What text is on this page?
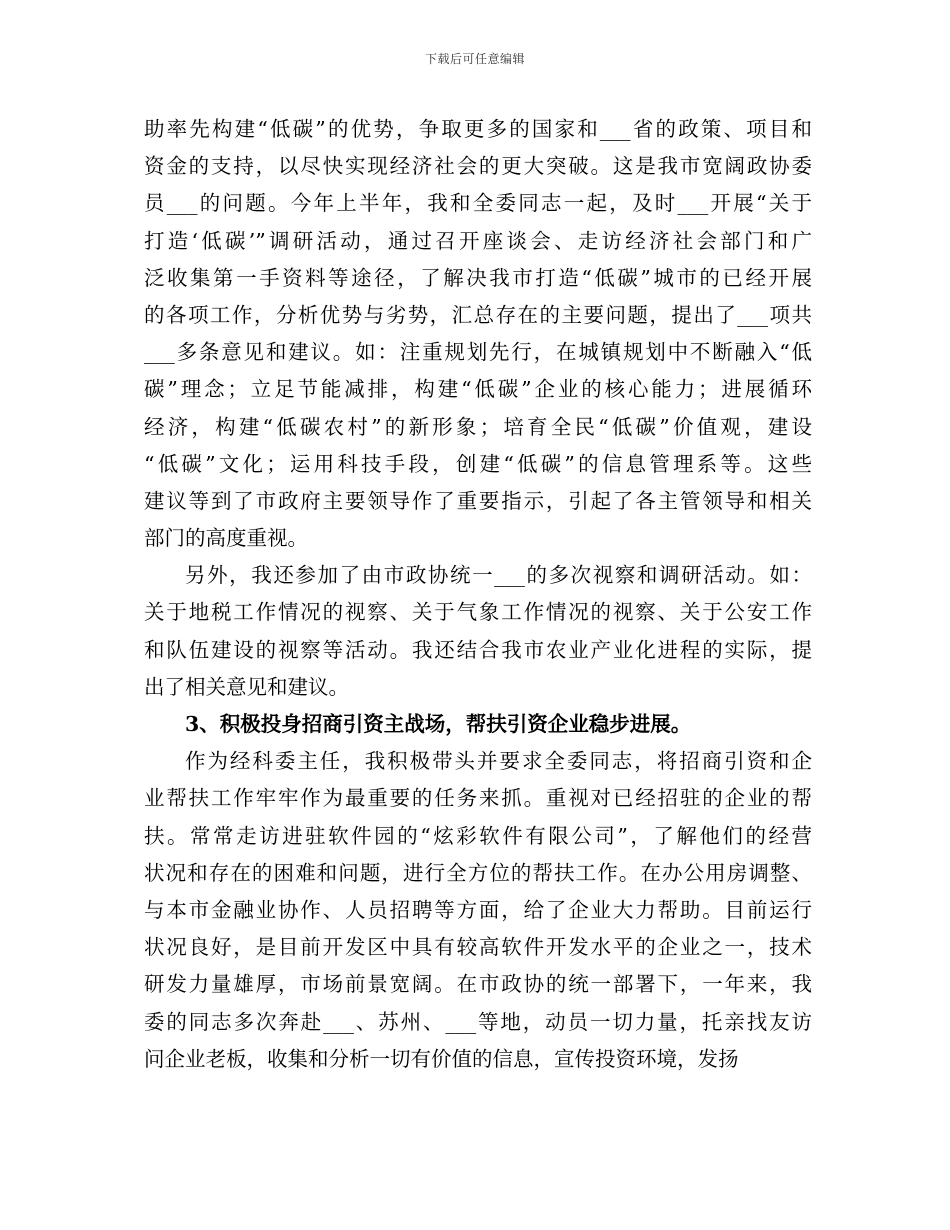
下载后可任意编辑
助率先构建“低碳”的优势，争取更多的国家和___省的政策、项目和
资金的支持，以尽快实现经济社会的更大突破。这是我市宽阔政协委
员___的问题。今年上半年，我和全委同志一起，及时___开展“关于
打造‘低碳’”调研活动，通过召开座谈会、走访经济社会部门和广
泛收集第一手资料等途径，了解决我市打造“低碳”城市的已经开展
的各项工作，分析优势与劣势，汇总存在的主要问题，提出了___项共
___多条意见和建议。如：注重规划先行，在城镇规划中不断融入“低
碳”理念；立足节能减排，构建“低碳”企业的核心能力；进展循环
经济，构建“低碳农村”的新形象；培育全民“低碳”价值观，建设
“低碳”文化；运用科技手段，创建“低碳”的信息管理系等。这些
建议等到了市政府主要领导作了重要指示，引起了各主管领导和相关
部门的高度重视。
另外，我还参加了由市政协统一___的多次视察和调研活动。如：
关于地税工作情况的视察、关于气象工作情况的视察、关于公安工作
和队伍建设的视察等活动。我还结合我市农业产业化进程的实际，提
出了相关意见和建议。
3、积极投身招商引资主战场，帮扶引资企业稳步进展。
作为经科委主任，我积极带头并要求全委同志，将招商引资和企
业帮扶工作牢牢作为最重要的任务来抓。重视对已经招驻的企业的帮
扶。常常走访进驻软件园的“炫彩软件有限公司”，了解他们的经营
状况和存在的困难和问题，进行全方位的帮扶工作。在办公用房调整、
与本市金融业协作、人员招聘等方面，给了企业大力帮助。目前运行
状况良好，是目前开发区中具有较高软件开发水平的企业之一，技术
研发力量雄厚，市场前景宽阔。在市政协的统一部署下，一年来，我
委的同志多次奔赴___、苏州、___等地，动员一切力量，托亲找友访
问企业老板，收集和分析一切有价值的信息，宣传投资环境，发扬
